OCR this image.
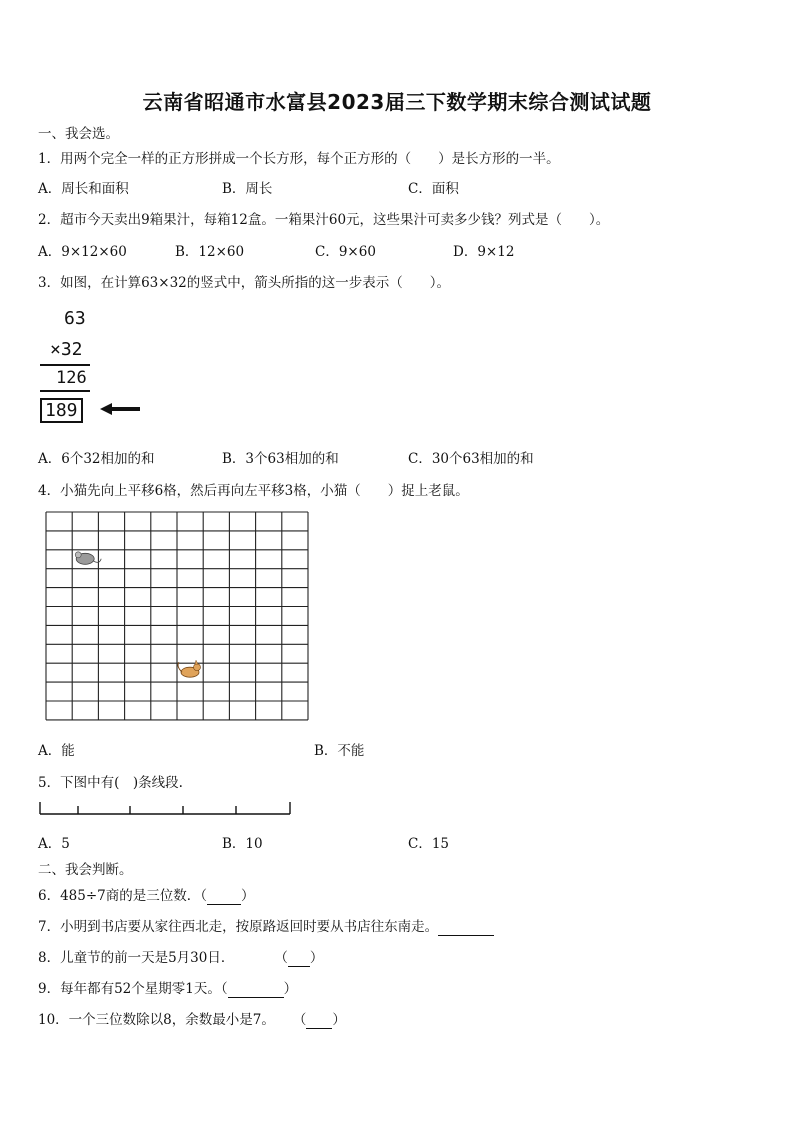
云南省昭通市水富县2023届三下数学期末综合测试试题
一、我会选。
1．用两个完全一样的正方形拼成一个长方形，每个正方形的（　　）是长方形的一半。
A．周长和面积	B．周长	C．面积
2．超市今天卖出9箱果汁，每箱12盒。一箱果汁60元，这些果汁可卖多少钱？列式是（　　）。
A．9×12×60	B．12×60	C．9×60	D．9×12
3．如图，在计算63×32的竖式中，箭头所指的这一步表示（　　）。
63
×32
126
189
A．6个32相加的和	B．3个63相加的和	C．30个63相加的和
4．小猫先向上平移6格，然后再向左平移3格，小猫（　　）捉上老鼠。
A．能	B．不能
5．下图中有(　)条线段.
A．5	B．10	C．15
二、我会判断。
6．485÷7商的是三位数．（	）
7．小明到书店要从家往西北走，按原路返回时要从书店往东南走。
8．儿童节的前一天是5月30日．	（ ）
9．每年都有52个星期零1天。（	）
10．一个三位数除以8，余数最小是7。 （ ）
